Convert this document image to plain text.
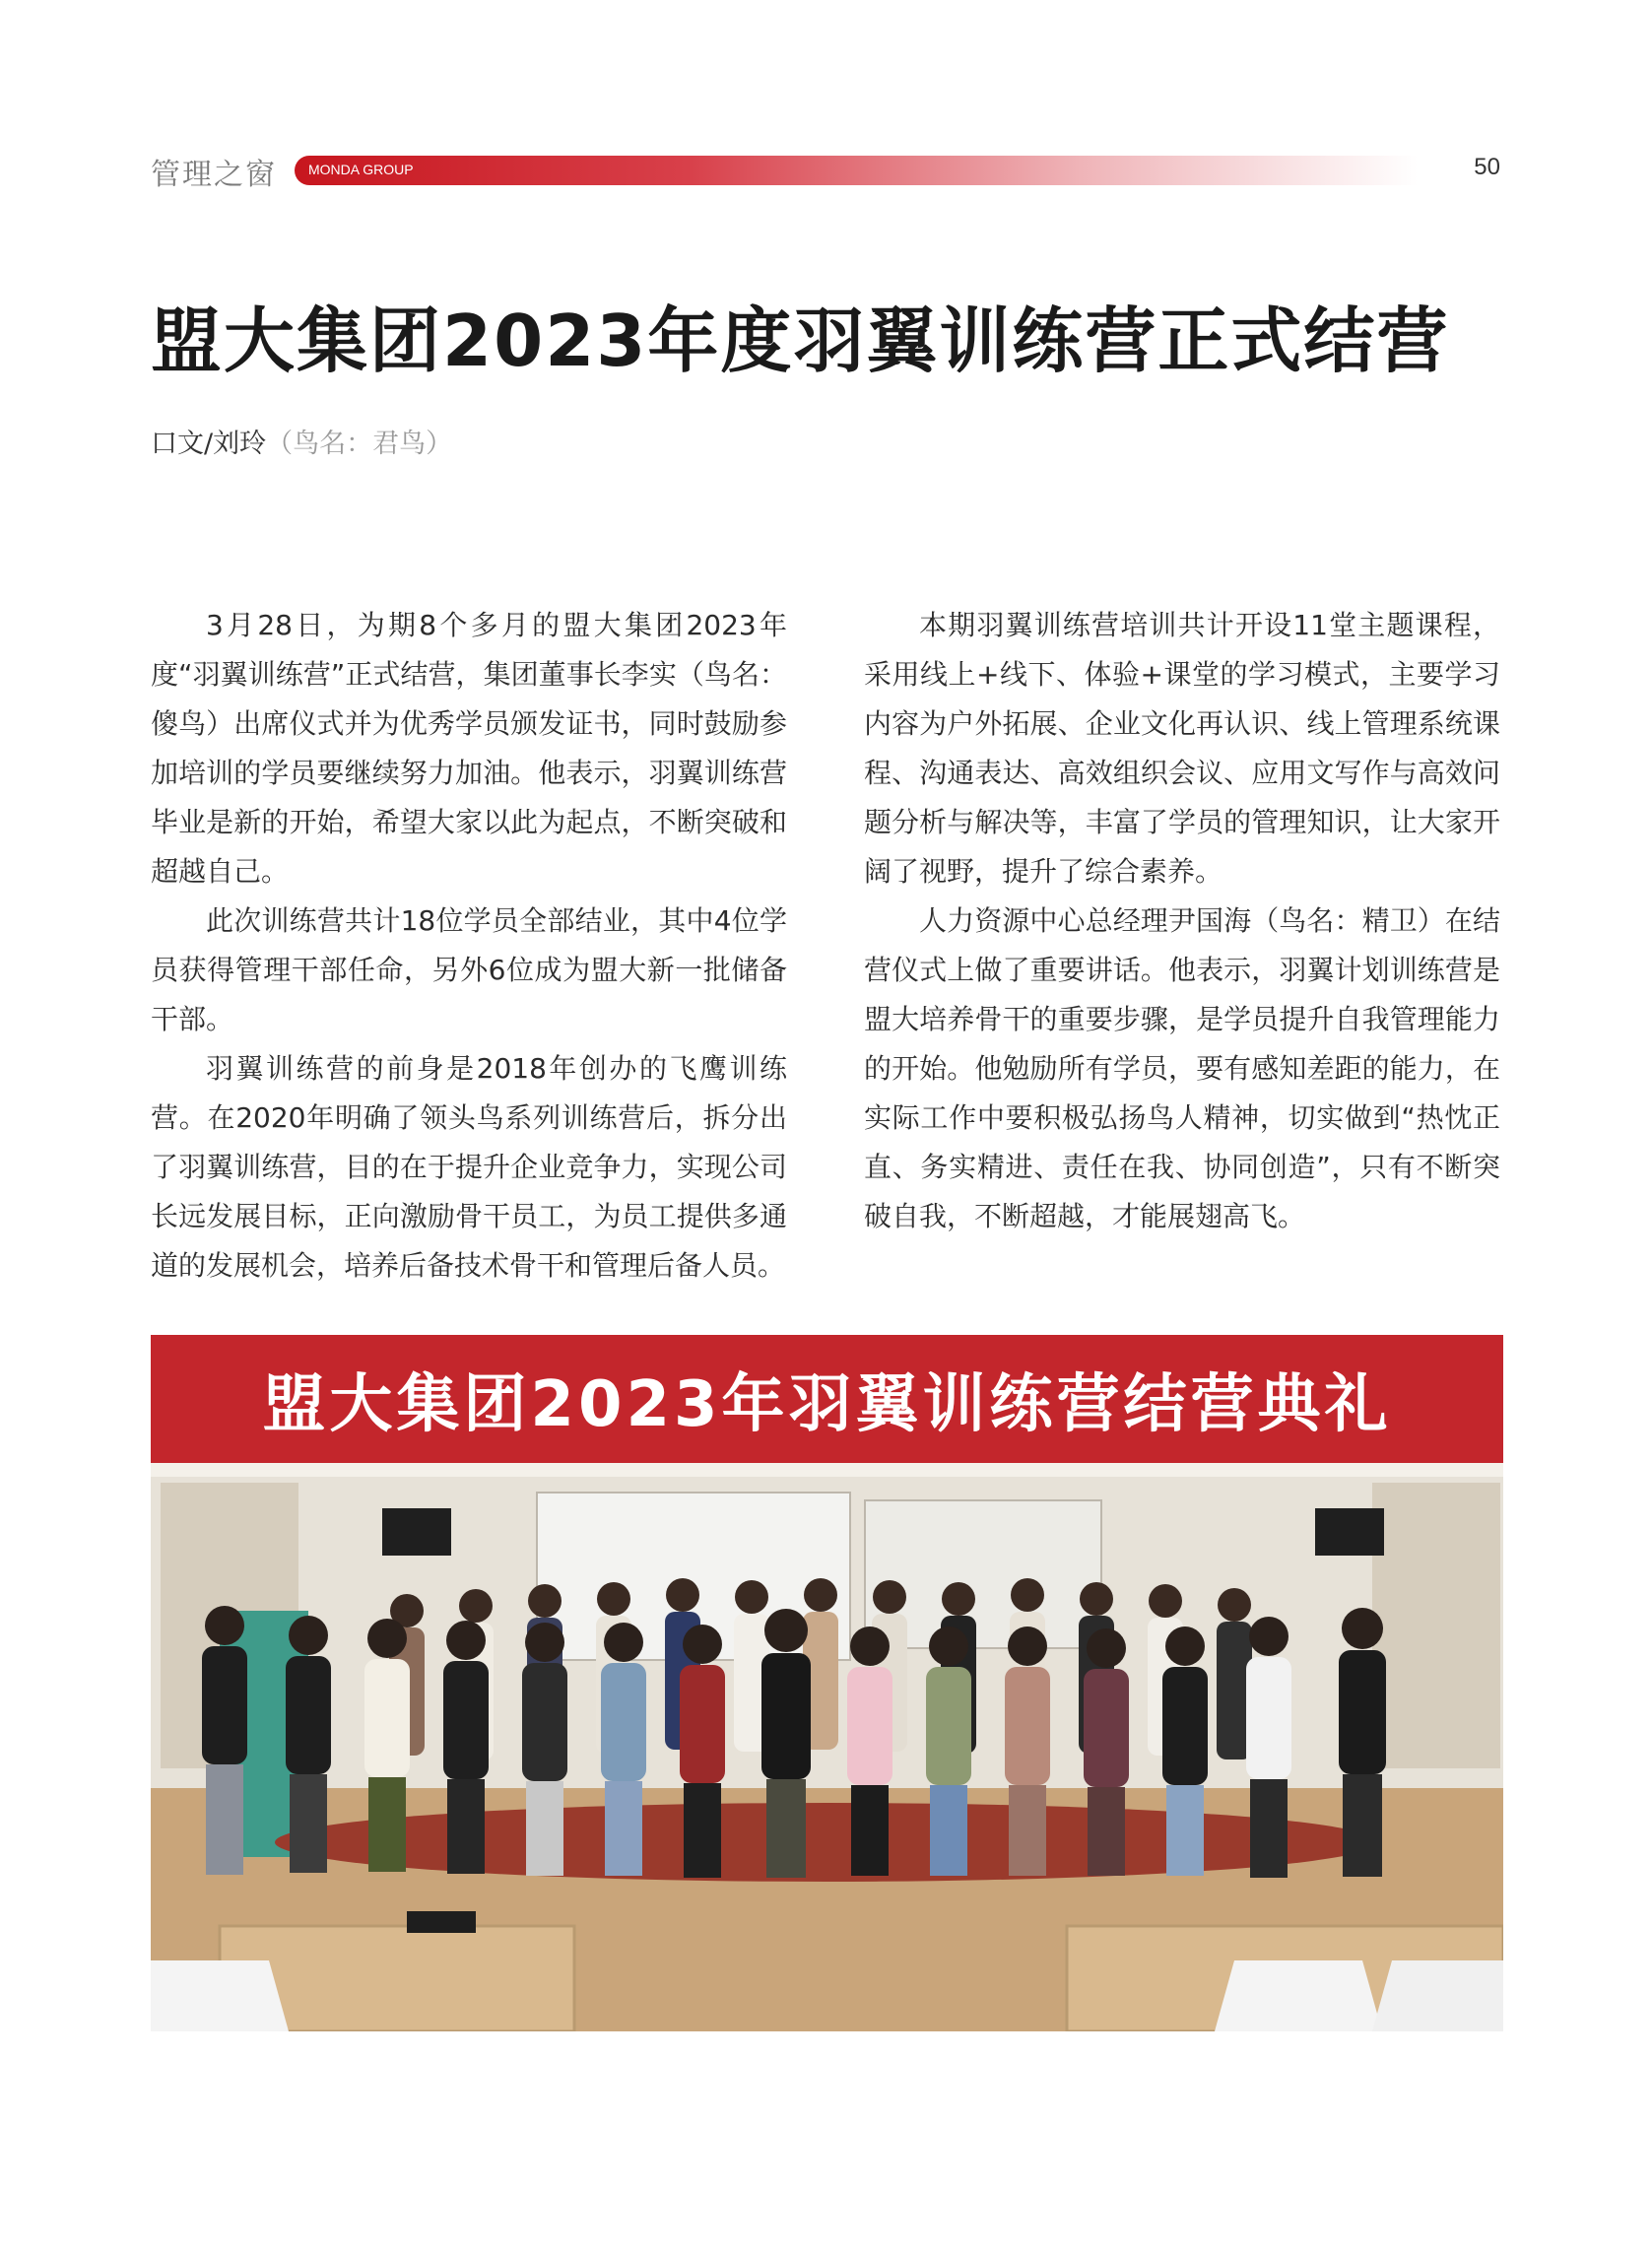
管理之窗 MONDA GROUP	50
盟大集团2023年度羽翼训练营正式结营
口文/刘玲（鸟名：君鸟）

3月28日，为期8个多月的盟大集团2023年度“羽翼训练营”正式结营，集团董事长李实（鸟名：傻鸟）出席仪式并为优秀学员颁发证书，同时鼓励参加培训的学员要继续努力加油。他表示，羽翼训练营毕业是新的开始，希望大家以此为起点，不断突破和超越自己。

此次训练营共计18位学员全部结业，其中4位学员获得管理干部任命，另外6位成为盟大新一批储备干部。

羽翼训练营的前身是2018年创办的飞鹰训练营。在2020年明确了领头鸟系列训练营后，拆分出了羽翼训练营，目的在于提升企业竞争力，实现公司长远发展目标，正向激励骨干员工，为员工提供多通道的发展机会，培养后备技术骨干和管理后备人员。

本期羽翼训练营培训共计开设11堂主题课程，采用线上+线下、体验+课堂的学习模式，主要学习内容为户外拓展、企业文化再认识、线上管理系统课程、沟通表达、高效组织会议、应用文写作与高效问题分析与解决等，丰富了学员的管理知识，让大家开阔了视野，提升了综合素养。

人力资源中心总经理尹国海（鸟名：精卫）在结营仪式上做了重要讲话。他表示，羽翼计划训练营是盟大培养骨干的重要步骤，是学员提升自我管理能力的开始。他勉励所有学员，要有感知差距的能力，在实际工作中要积极弘扬鸟人精神，切实做到“热忱正直、务实精进、责任在我、协同创造”，只有不断突破自我，不断超越，才能展翅高飞。

盟大集团2023年羽翼训练营结营典礼
